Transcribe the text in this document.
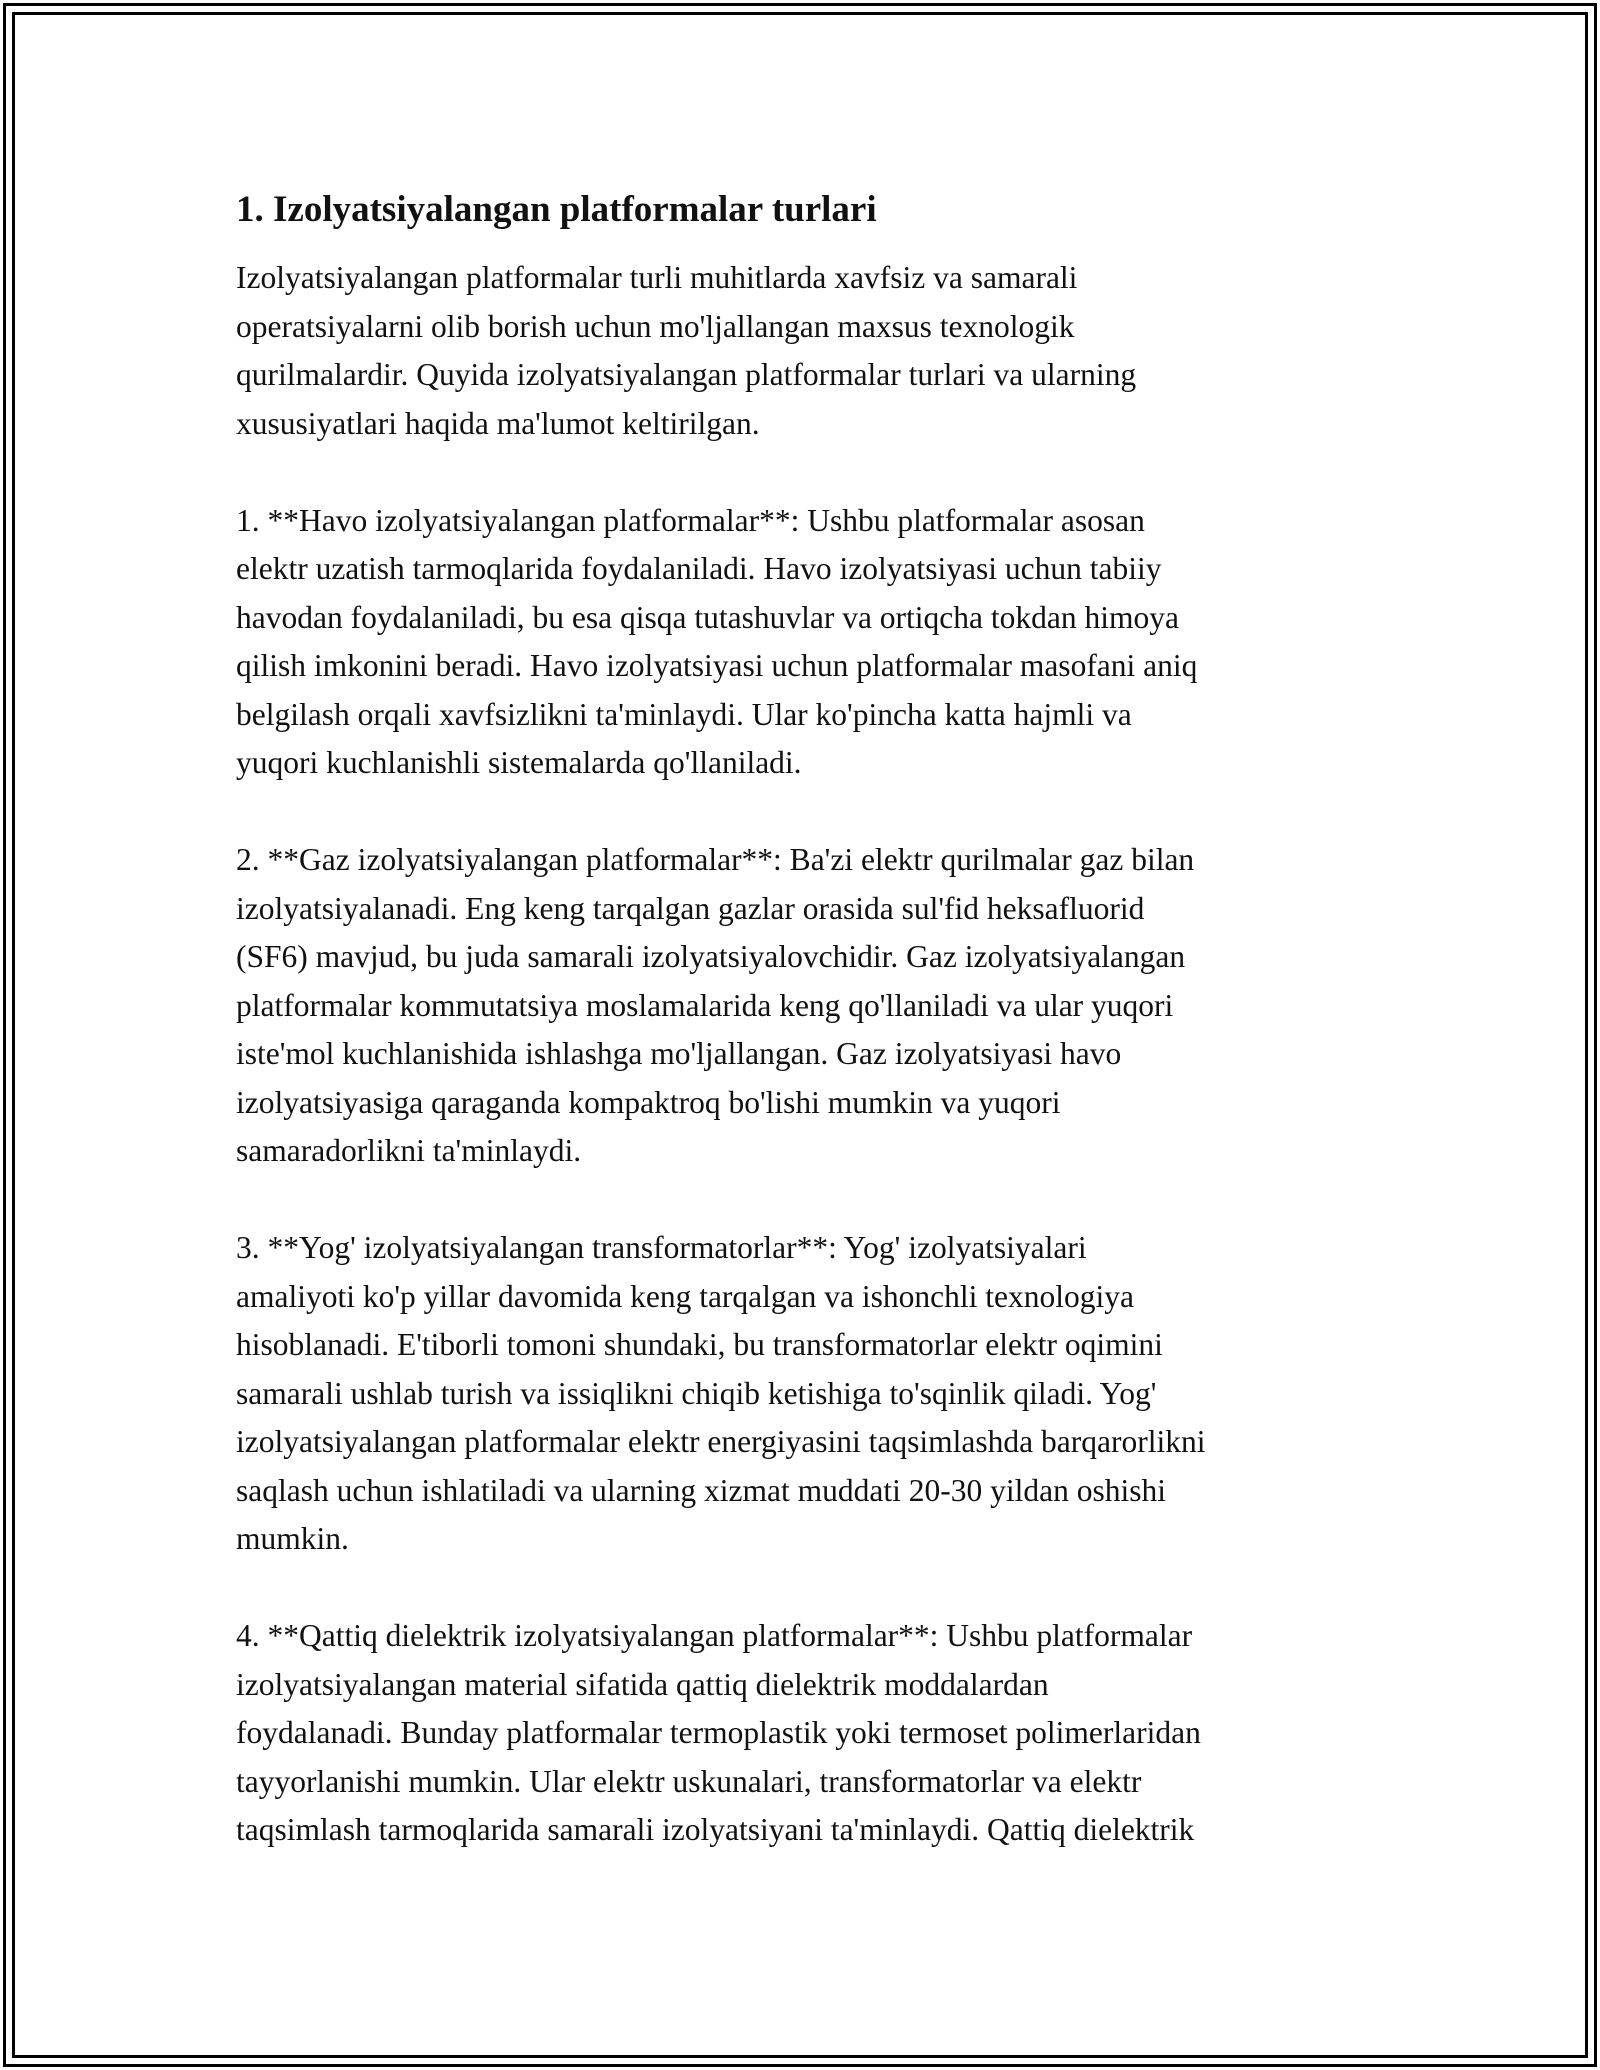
1. Izolyatsiyalangan platformalar turlari

Izolyatsiyalangan platformalar turli muhitlarda xavfsiz va samarali
operatsiyalarni olib borish uchun mo'ljallangan maxsus texnologik
qurilmalardir. Quyida izolyatsiyalangan platformalar turlari va ularning
xususiyatlari haqida ma'lumot keltirilgan.

1. **Havo izolyatsiyalangan platformalar**: Ushbu platformalar asosan
elektr uzatish tarmoqlarida foydalaniladi. Havo izolyatsiyasi uchun tabiiy
havodan foydalaniladi, bu esa qisqa tutashuvlar va ortiqcha tokdan himoya
qilish imkonini beradi. Havo izolyatsiyasi uchun platformalar masofani aniq
belgilash orqali xavfsizlikni ta'minlaydi. Ular ko'pincha katta hajmli va
yuqori kuchlanishli sistemalarda qo'llaniladi.

2. **Gaz izolyatsiyalangan platformalar**: Ba'zi elektr qurilmalar gaz bilan
izolyatsiyalanadi. Eng keng tarqalgan gazlar orasida sul'fid heksafluorid
(SF6) mavjud, bu juda samarali izolyatsiyalovchidir. Gaz izolyatsiyalangan
platformalar kommutatsiya moslamalarida keng qo'llaniladi va ular yuqori
iste'mol kuchlanishida ishlashga mo'ljallangan. Gaz izolyatsiyasi havo
izolyatsiyasiga qaraganda kompaktroq bo'lishi mumkin va yuqori
samaradorlikni ta'minlaydi.

3. **Yog' izolyatsiyalangan transformatorlar**: Yog' izolyatsiyalari
amaliyoti ko'p yillar davomida keng tarqalgan va ishonchli texnologiya
hisoblanadi. E'tiborli tomoni shundaki, bu transformatorlar elektr oqimini
samarali ushlab turish va issiqlikni chiqib ketishiga to'sqinlik qiladi. Yog'
izolyatsiyalangan platformalar elektr energiyasini taqsimlashda barqarorlikni
saqlash uchun ishlatiladi va ularning xizmat muddati 20-30 yildan oshishi
mumkin.

4. **Qattiq dielektrik izolyatsiyalangan platformalar**: Ushbu platformalar
izolyatsiyalangan material sifatida qattiq dielektrik moddalardan
foydalanadi. Bunday platformalar termoplastik yoki termoset polimerlaridan
tayyorlanishi mumkin. Ular elektr uskunalari, transformatorlar va elektr
taqsimlash tarmoqlarida samarali izolyatsiyani ta'minlaydi. Qattiq dielektrik
